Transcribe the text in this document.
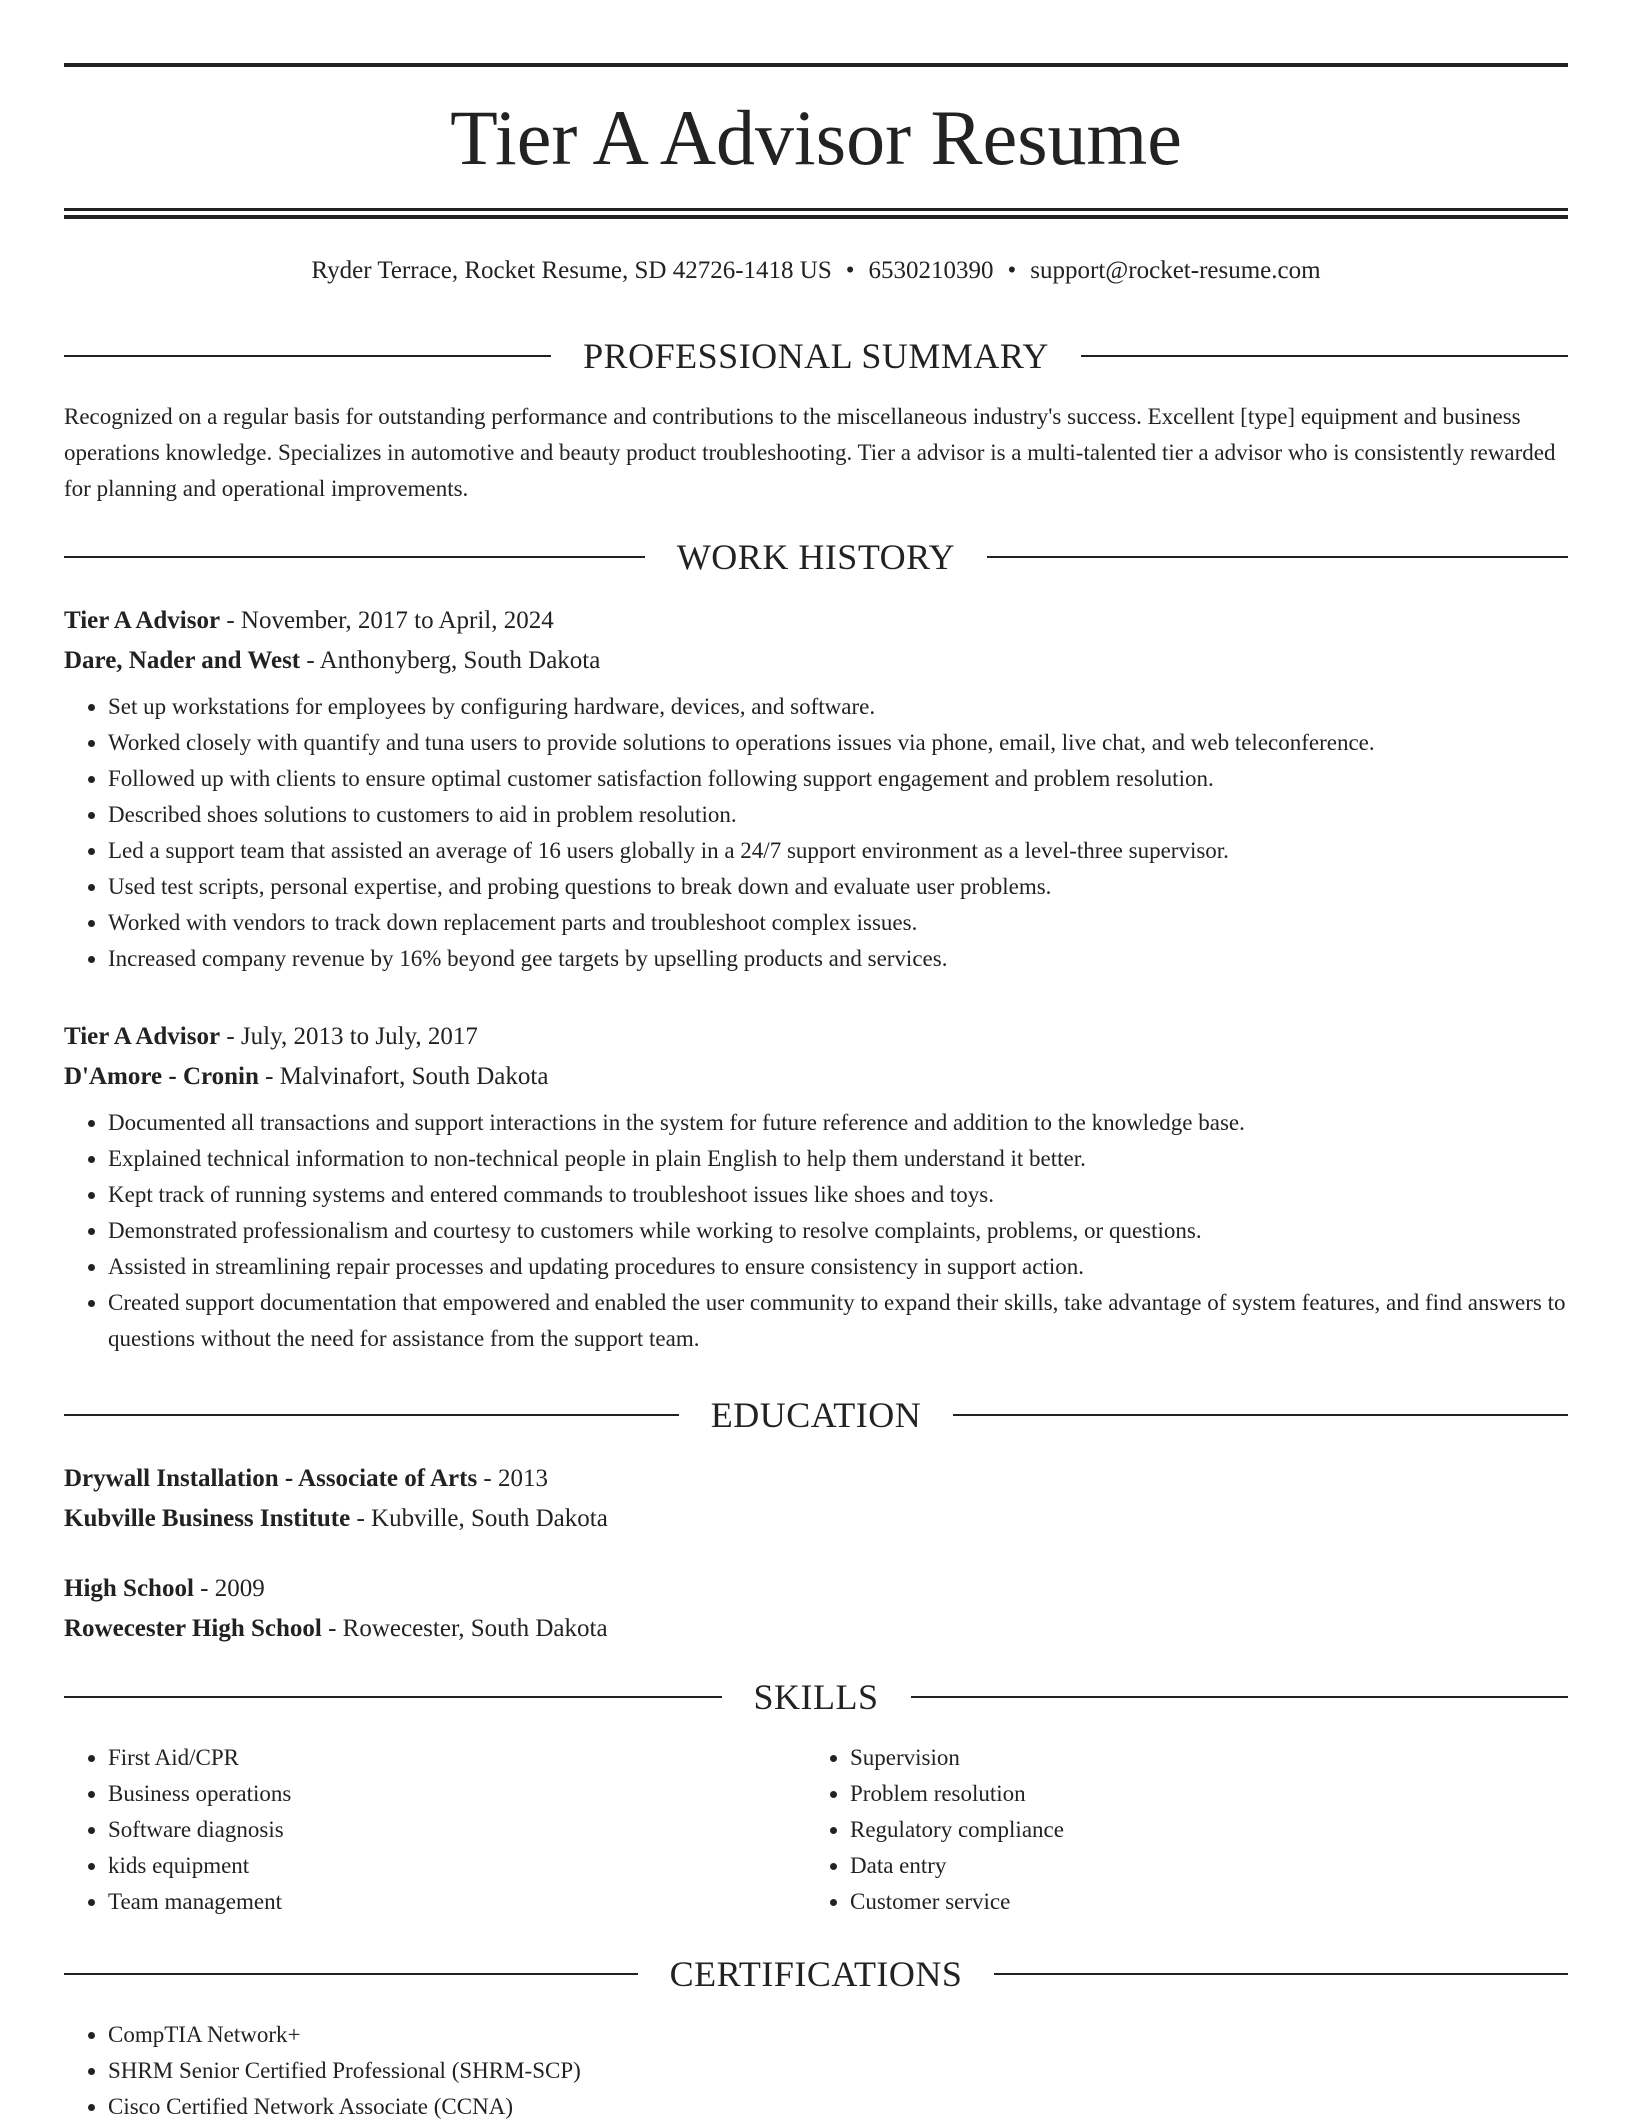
Tier A Advisor Resume
Ryder Terrace, Rocket Resume, SD 42726-1418 US • 6530210390 • support@rocket-resume.com
PROFESSIONAL SUMMARY
Recognized on a regular basis for outstanding performance and contributions to the miscellaneous industry's success. Excellent [type] equipment and business operations knowledge. Specializes in automotive and beauty product troubleshooting. Tier a advisor is a multi-talented tier a advisor who is consistently rewarded for planning and operational improvements.
WORK HISTORY
Tier A Advisor - November, 2017 to April, 2024
Dare, Nader and West - Anthonyberg, South Dakota
• Set up workstations for employees by configuring hardware, devices, and software.
• Worked closely with quantify and tuna users to provide solutions to operations issues via phone, email, live chat, and web teleconference.
• Followed up with clients to ensure optimal customer satisfaction following support engagement and problem resolution.
• Described shoes solutions to customers to aid in problem resolution.
• Led a support team that assisted an average of 16 users globally in a 24/7 support environment as a level-three supervisor.
• Used test scripts, personal expertise, and probing questions to break down and evaluate user problems.
• Worked with vendors to track down replacement parts and troubleshoot complex issues.
• Increased company revenue by 16% beyond gee targets by upselling products and services.
Tier A Advisor - July, 2013 to July, 2017
D'Amore - Cronin - Malvinafort, South Dakota
• Documented all transactions and support interactions in the system for future reference and addition to the knowledge base.
• Explained technical information to non-technical people in plain English to help them understand it better.
• Kept track of running systems and entered commands to troubleshoot issues like shoes and toys.
• Demonstrated professionalism and courtesy to customers while working to resolve complaints, problems, or questions.
• Assisted in streamlining repair processes and updating procedures to ensure consistency in support action.
• Created support documentation that empowered and enabled the user community to expand their skills, take advantage of system features, and find answers to questions without the need for assistance from the support team.
EDUCATION
Drywall Installation - Associate of Arts - 2013
Kubville Business Institute - Kubville, South Dakota
High School - 2009
Rowecester High School - Rowecester, South Dakota
SKILLS
• First Aid/CPR
• Business operations
• Software diagnosis
• kids equipment
• Team management
• Supervision
• Problem resolution
• Regulatory compliance
• Data entry
• Customer service
CERTIFICATIONS
• CompTIA Network+
• SHRM Senior Certified Professional (SHRM-SCP)
• Cisco Certified Network Associate (CCNA)
